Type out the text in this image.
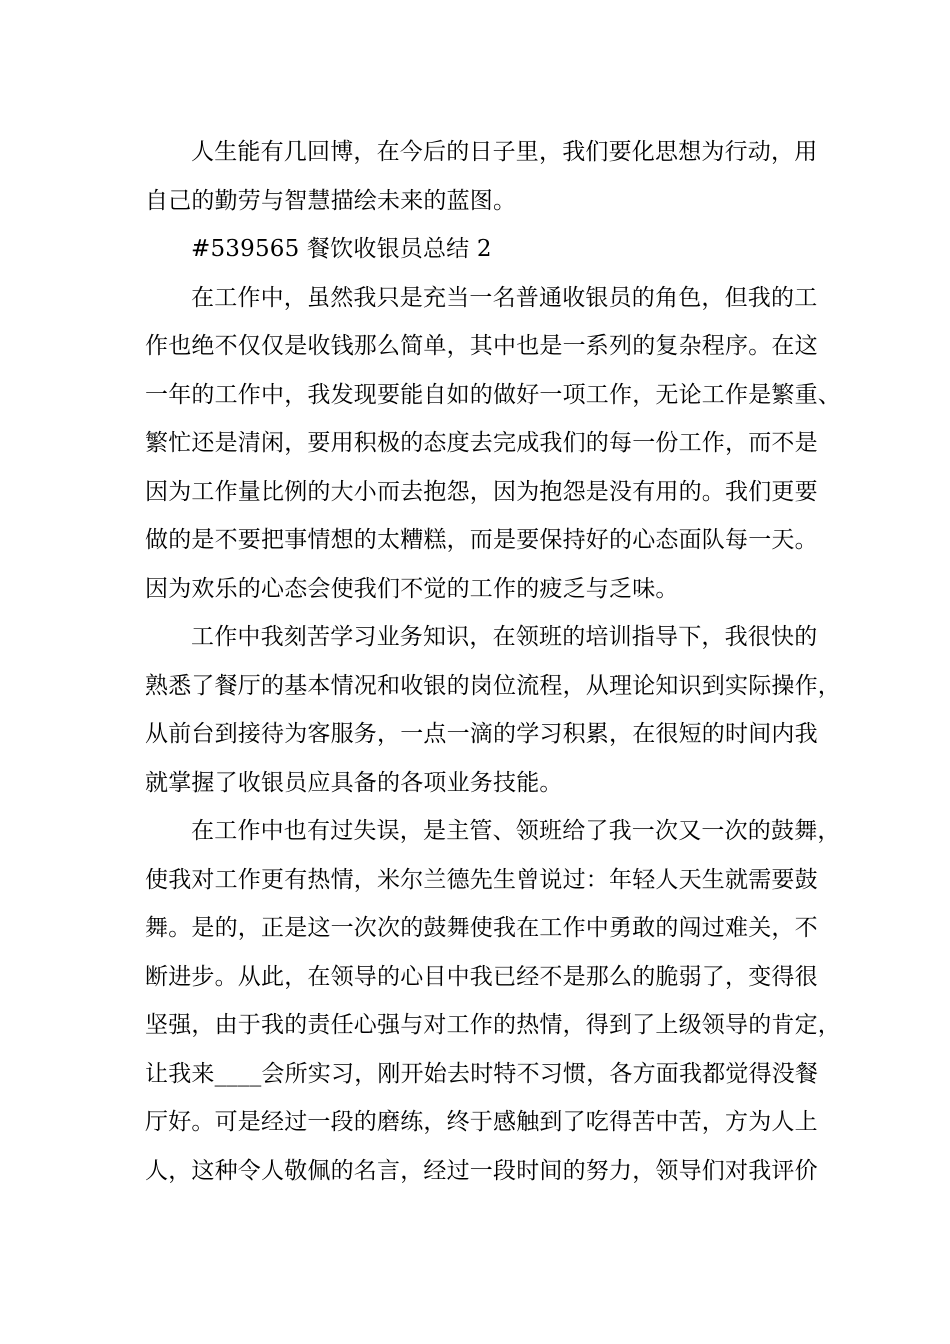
人生能有几回博，在今后的日子里，我们要化思想为行动，用
自己的勤劳与智慧描绘未来的蓝图。

#539565 餐饮收银员总结 2

在工作中，虽然我只是充当一名普通收银员的角色，但我的工
作也绝不仅仅是收钱那么简单，其中也是一系列的复杂程序。在这
一年的工作中，我发现要能自如的做好一项工作，无论工作是繁重、
繁忙还是清闲，要用积极的态度去完成我们的每一份工作，而不是
因为工作量比例的大小而去抱怨，因为抱怨是没有用的。我们更要
做的是不要把事情想的太糟糕，而是要保持好的心态面队每一天。
因为欢乐的心态会使我们不觉的工作的疲乏与乏味。

工作中我刻苦学习业务知识，在领班的培训指导下，我很快的
熟悉了餐厅的基本情况和收银的岗位流程，从理论知识到实际操作，
从前台到接待为客服务，一点一滴的学习积累，在很短的时间内我
就掌握了收银员应具备的各项业务技能。

在工作中也有过失误，是主管、领班给了我一次又一次的鼓舞，
使我对工作更有热情，米尔兰德先生曾说过：年轻人天生就需要鼓
舞。是的，正是这一次次的鼓舞使我在工作中勇敢的闯过难关，不
断进步。从此，在领导的心目中我已经不是那么的脆弱了，变得很
坚强，由于我的责任心强与对工作的热情，得到了上级领导的肯定，
让我来____会所实习，刚开始去时特不习惯，各方面我都觉得没餐
厅好。可是经过一段的磨练，终于感触到了吃得苦中苦，方为人上
人，这种令人敬佩的名言，经过一段时间的努力，领导们对我评价
